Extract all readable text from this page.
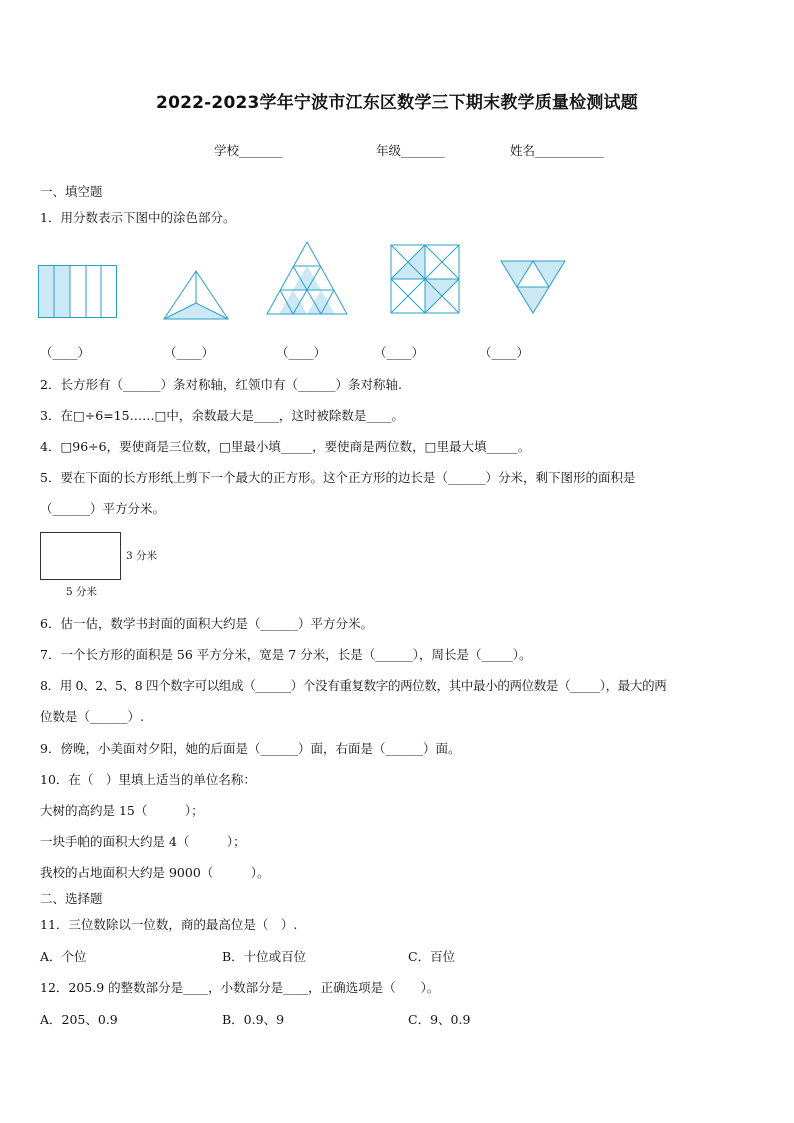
2022-2023学年宁波市江东区数学三下期末教学质量检测试题
学校_______	年级_______	姓名___________
一、填空题
1．用分数表示下图中的涂色部分。
（____）	（____）	（____）	（____）	（____）
2．长方形有（______）条对称轴，红领巾有（______）条对称轴.
3．在□÷6=15……□中，余数最大是____，这时被除数是____。
4．□96÷6，要使商是三位数，□里最小填_____，要使商是两位数，□里最大填_____。
5．要在下面的长方形纸上剪下一个最大的正方形。这个正方形的边长是（______）分米，剩下图形的面积是
（______）平方分米。
3 分米
5 分米
6．估一估，数学书封面的面积大约是（______）平方分米。
7．一个长方形的面积是 56 平方分米，宽是 7 分米，长是（______），周长是（_____）。
8．用 0、2、5、8 四个数字可以组成（______）个没有重复数字的两位数，其中最小的两位数是（_____），最大的两
位数是（______）.
9．傍晚，小美面对夕阳，她的后面是（______）面，右面是（______）面。
10．在（　）里填上适当的单位名称：
大树的高约是 15（　　　）；
一块手帕的面积大约是 4（　　　）；
我校的占地面积大约是 9000（　　　）。
二、选择题
11．三位数除以一位数，商的最高位是（　）.
A．个位	B．十位或百位	C．百位
12．205.9 的整数部分是____，小数部分是____，正确选项是（　　）。
A．205、0.9	B．0.9、9	C．9、0.9
